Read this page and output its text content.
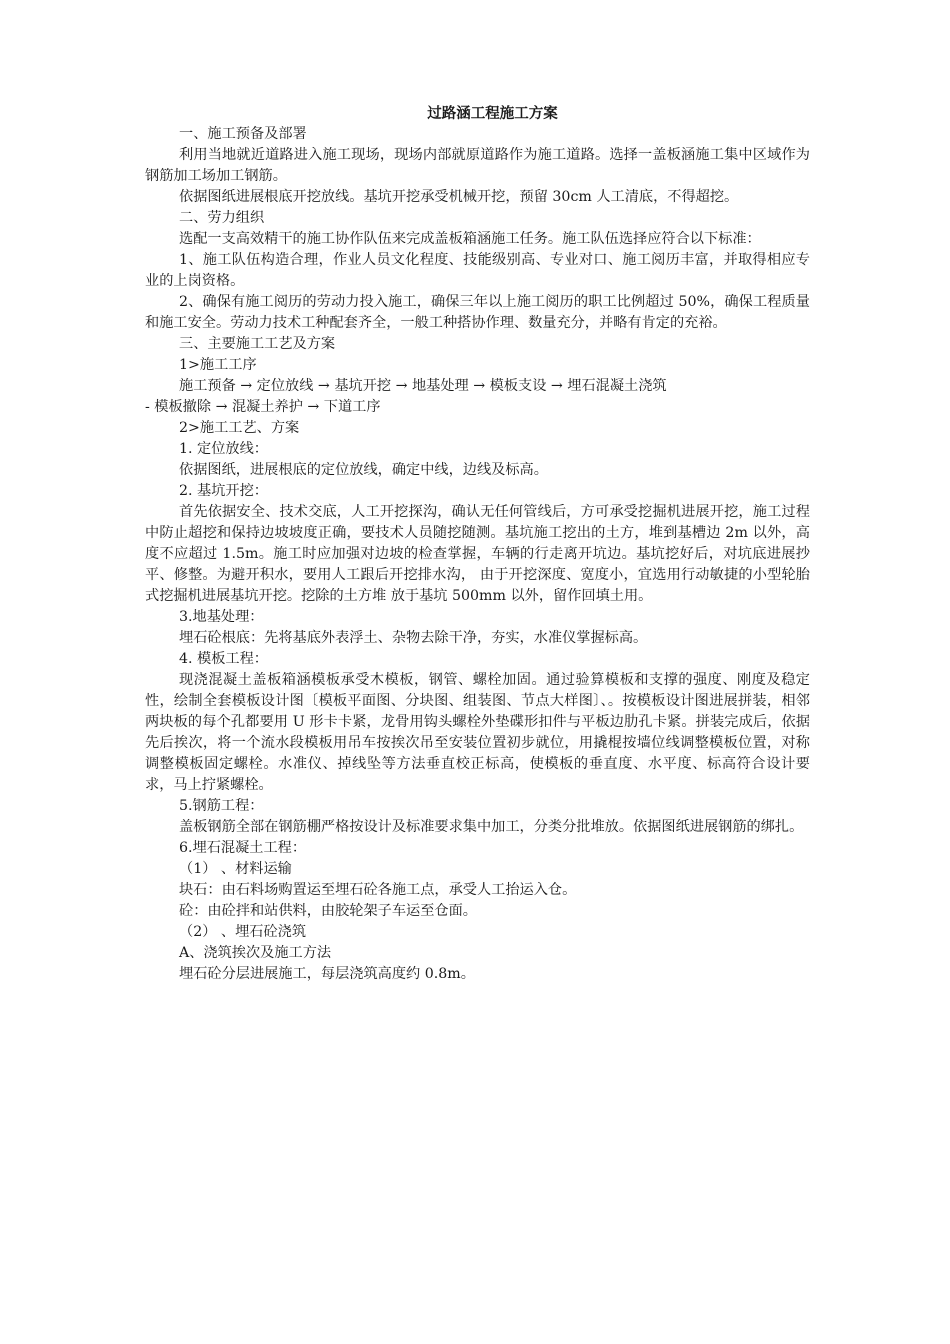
过路涵工程施工方案

一、施工预备及部署

利用当地就近道路进入施工现场，现场内部就原道路作为施工道路。选择一盖板涵施工集中区域作为钢筋加工场加工钢筋。

依据图纸进展根底开挖放线。基坑开挖承受机械开挖，预留 30cm 人工清底，不得超挖。

二、劳力组织

选配一支高效精干的施工协作队伍来完成盖板箱涵施工任务。施工队伍选择应符合以下标准：

1、施工队伍构造合理，作业人员文化程度、技能级别高、专业对口、施工阅历丰富，并取得相应专业的上岗资格。

2、确保有施工阅历的劳动力投入施工，确保三年以上施工阅历的职工比例超过 50%，确保工程质量和施工安全。劳动力技术工种配套齐全，一般工种搭协作理、数量充分，并略有肯定的充裕。

三、主要施工工艺及方案

1>施工工序

施工预备 → 定位放线 → 基坑开挖 → 地基处理 → 模板支设 → 埋石混凝土浇筑

- 模板撤除 → 混凝土养护 → 下道工序

2>施工工艺、方案

1. 定位放线：

依据图纸，进展根底的定位放线，确定中线，边线及标高。

2. 基坑开挖：

首先依据安全、技术交底，人工开挖探沟，确认无任何管线后，方可承受挖掘机进展开挖，施工过程中防止超挖和保持边坡坡度正确，要技术人员随挖随测。基坑施工挖出的土方，堆到基槽边 2m 以外，高度不应超过 1.5m。施工时应加强对边坡的检查掌握，车辆的行走离开坑边。基坑挖好后，对坑底进展抄平、修整。为避开积水，要用人工跟后开挖排水沟， 由于开挖深度、宽度小，宜选用行动敏捷的小型轮胎式挖掘机进展基坑开挖。挖除的土方堆 放于基坑 500mm 以外，留作回填土用。

3.地基处理：

埋石砼根底：先将基底外表浮土、杂物去除干净，夯实，水准仪掌握标高。

4. 模板工程：

现浇混凝土盖板箱涵模板承受木模板，钢管、螺栓加固。通过验算模板和支撑的强度、刚度及稳定性，绘制全套模板设计图〔模板平面图、分块图、组装图、节点大样图〕、。按模板设计图进展拼装，相邻两块板的每个孔都要用 U 形卡卡紧，龙骨用钩头螺栓外垫碟形扣件与平板边肋孔卡紧。拼装完成后，依据先后挨次，将一个流水段模板用吊车按挨次吊至安装位置初步就位，用撬棍按墙位线调整模板位置，对称调整模板固定螺栓。水准仪、掉线坠等方法垂直校正标高，使模板的垂直度、水平度、标高符合设计要求，马上拧紧螺栓。

5.钢筋工程：

盖板钢筋全部在钢筋棚严格按设计及标准要求集中加工，分类分批堆放。依据图纸进展钢筋的绑扎。

6.埋石混凝土工程：

（1） 、材料运输

块石：由石料场购置运至埋石砼各施工点，承受人工抬运入仓。

砼：由砼拌和站供料，由胶轮架子车运至仓面。

（2） 、埋石砼浇筑

A、浇筑挨次及施工方法

埋石砼分层进展施工，每层浇筑高度约 0.8m。
